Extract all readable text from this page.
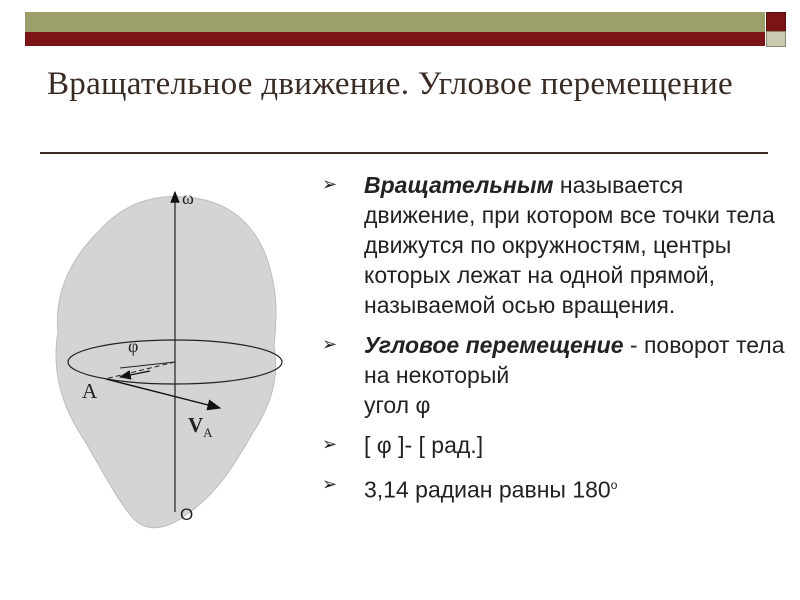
Вращательное движение. Угловое перемещение
ω
O
φ
A
$V_A$
➢ Вращательным называется движение, при котором все точки тела движутся по окружностям, центры которых лежат на одной прямой, называемой осью вращения.
➢ Угловое перемещение - поворот тела на некоторый
угол φ
➢ [ φ ]- [ рад.]
➢ 3,14 радиан равны $180^о$
